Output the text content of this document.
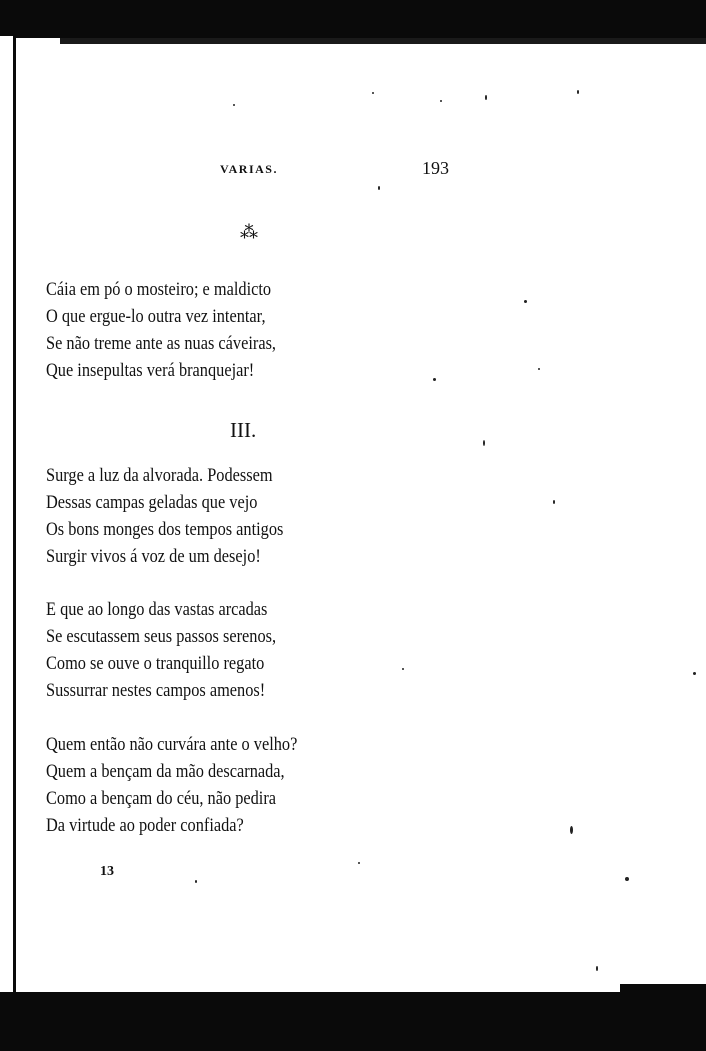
VARIAS.	193
⁂
Cáia em pó o mosteiro; e maldicto
O que ergue-lo outra vez intentar,
Se não treme ante as nuas cáveiras,
Que insepultas verá branquejar!
III.
Surge a luz da alvorada. Podessem
Dessas campas geladas que vejo
Os bons monges dos tempos antigos
Surgir vivos á voz de um desejo!
E que ao longo das vastas arcadas
Se escutassem seus passos serenos,
Como se ouve o tranquillo regato
Sussurrar nestes campos amenos!
Quem então não curvára ante o velho?
Quem a bençam da mão descarnada,
Como a bençam do céu, não pedira
Da virtude ao poder confiada?
13
